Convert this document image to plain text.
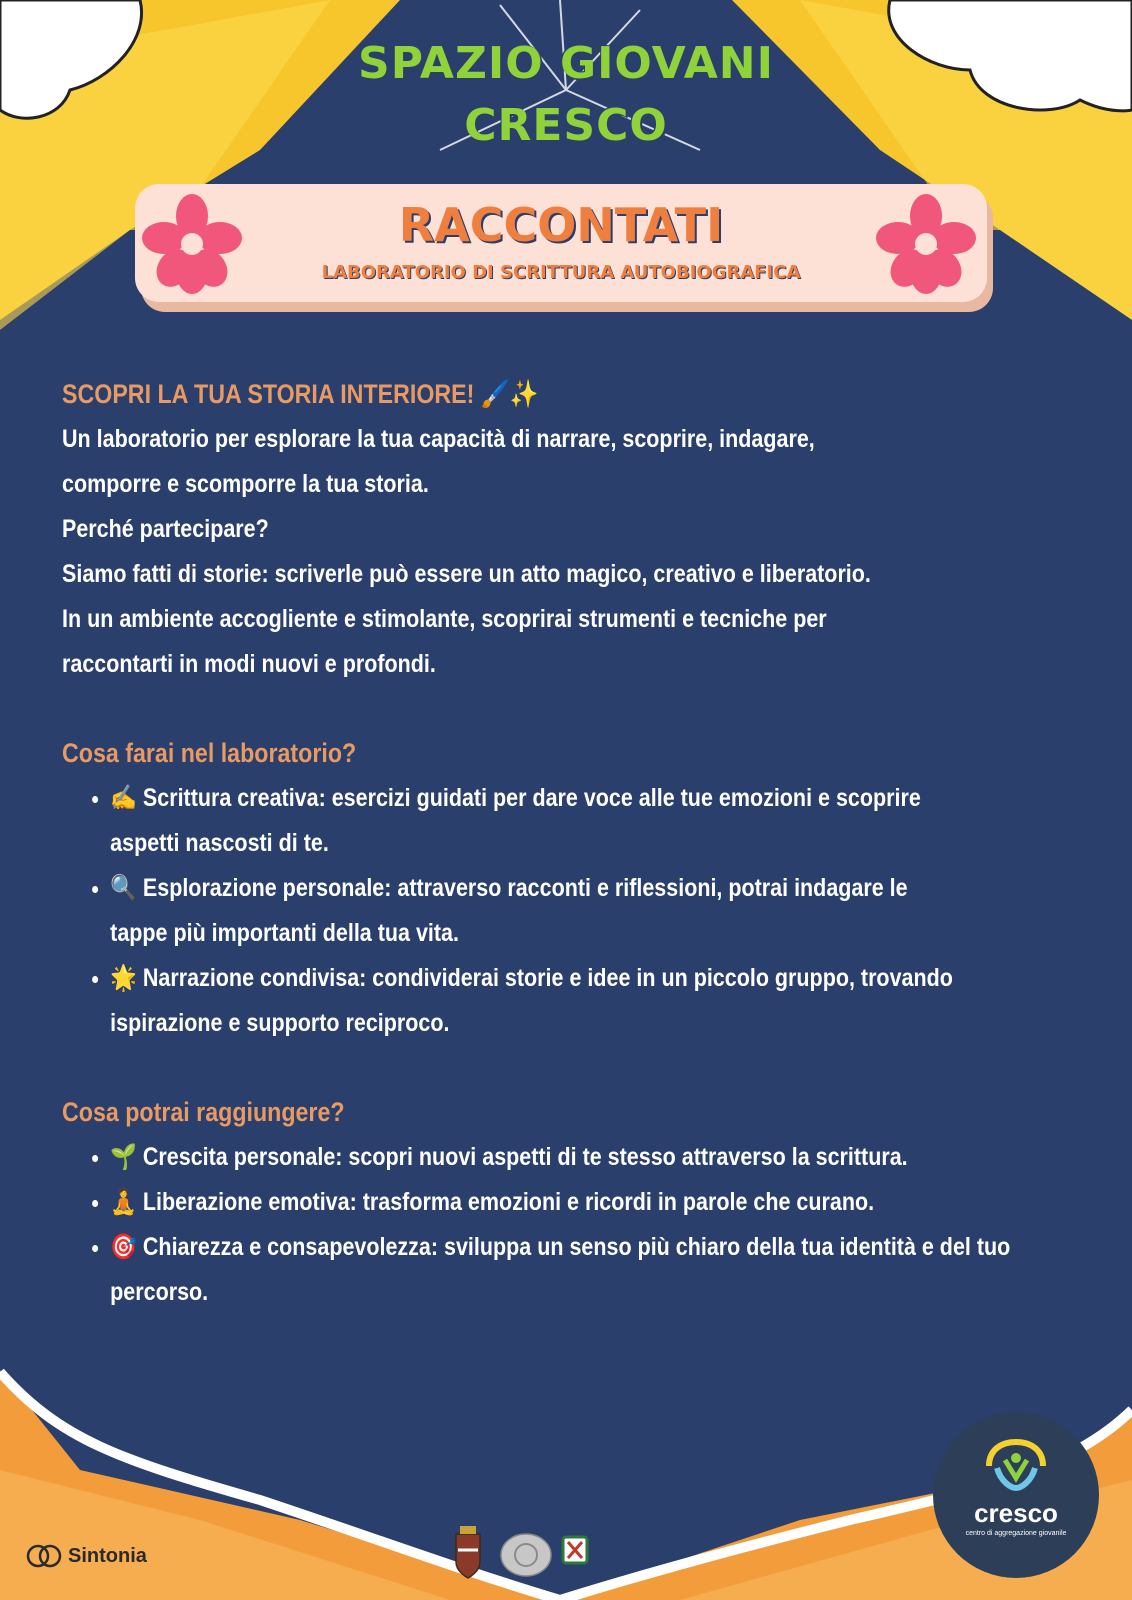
SPAZIO GIOVANI
CRESCO
RACCONTATI

LABORATORIO DI SCRITTURA AUTOBIOGRAFICA

SCOPRI LA TUA STORIA INTERIORE! 🖌️✨

Un laboratorio per esplorare la tua capacità di narrare, scoprire, indagare,

comporre e scomporre la tua storia.

Perché partecipare?

Siamo fatti di storie: scriverle può essere un atto magico, creativo e liberatorio.

In un ambiente accogliente e stimolante, scoprirai strumenti e tecniche per

raccontarti in modi nuovi e profondi.

Cosa farai nel laboratorio?

• ✍️ Scrittura creativa: esercizi guidati per dare voce alle tue emozioni e scoprire aspetti nascosti di te.
• 🔍 Esplorazione personale: attraverso racconti e riflessioni, potrai indagare le tappe più importanti della tua vita.
• 🌟 Narrazione condivisa: condividerai storie e idee in un piccolo gruppo, trovando ispirazione e supporto reciproco.

Cosa potrai raggiungere?

• 🌱 Crescita personale: scopri nuovi aspetti di te stesso attraverso la scrittura.
• 🧘 Liberazione emotiva: trasforma emozioni e ricordi in parole che curano.
• 🎯 Chiarezza e consapevolezza: sviluppa un senso più chiaro della tua identità e del tuo percorso.
Sintonia
REGIONE
LAZIO
cresco
centro di aggregazione giovanile
